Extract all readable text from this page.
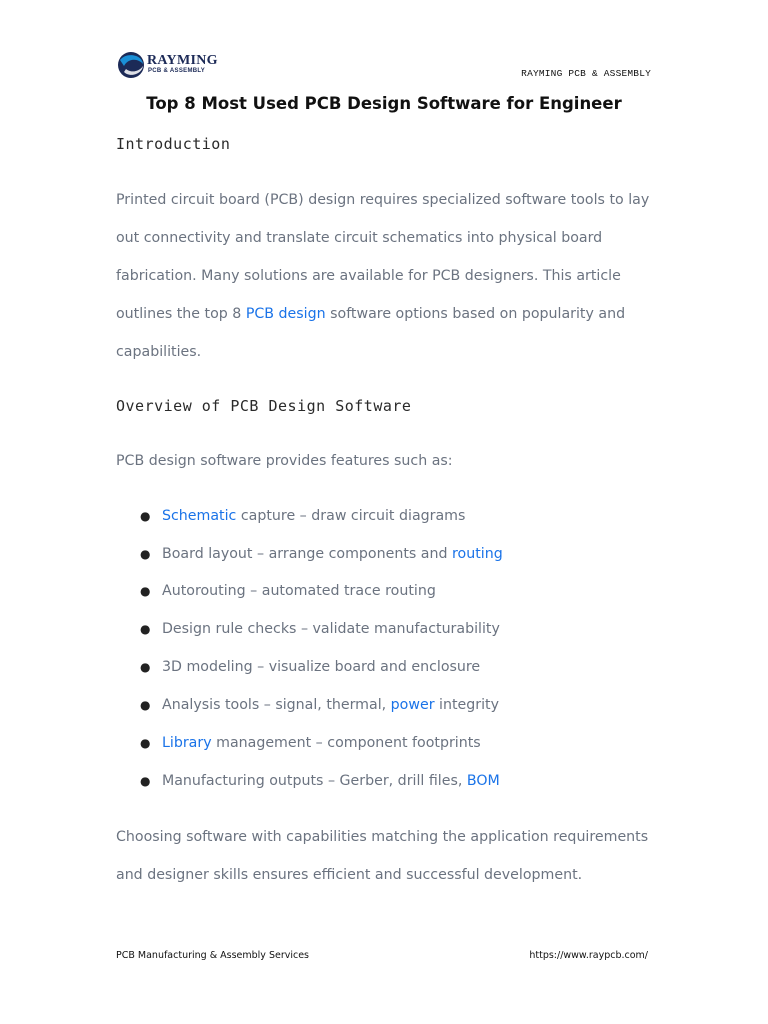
RAYMING
PCB & ASSEMBLY	RAYMING PCB & ASSEMBLY
Top 8 Most Used PCB Design Software for Engineer
Introduction

Printed circuit board (PCB) design requires specialized software tools to lay out connectivity and translate circuit schematics into physical board fabrication. Many solutions are available for PCB designers. This article outlines the top 8 PCB design software options based on popularity and capabilities.

Overview of PCB Design Software

PCB design software provides features such as:

● Schematic capture – draw circuit diagrams
● Board layout – arrange components and routing
● Autorouting – automated trace routing
● Design rule checks – validate manufacturability
● 3D modeling – visualize board and enclosure
● Analysis tools – signal, thermal, power integrity
● Library management – component footprints
● Manufacturing outputs – Gerber, drill files, BOM

Choosing software with capabilities matching the application requirements and designer skills ensures efficient and successful development.

PCB Manufacturing & Assembly Services	https://www.raypcb.com/
